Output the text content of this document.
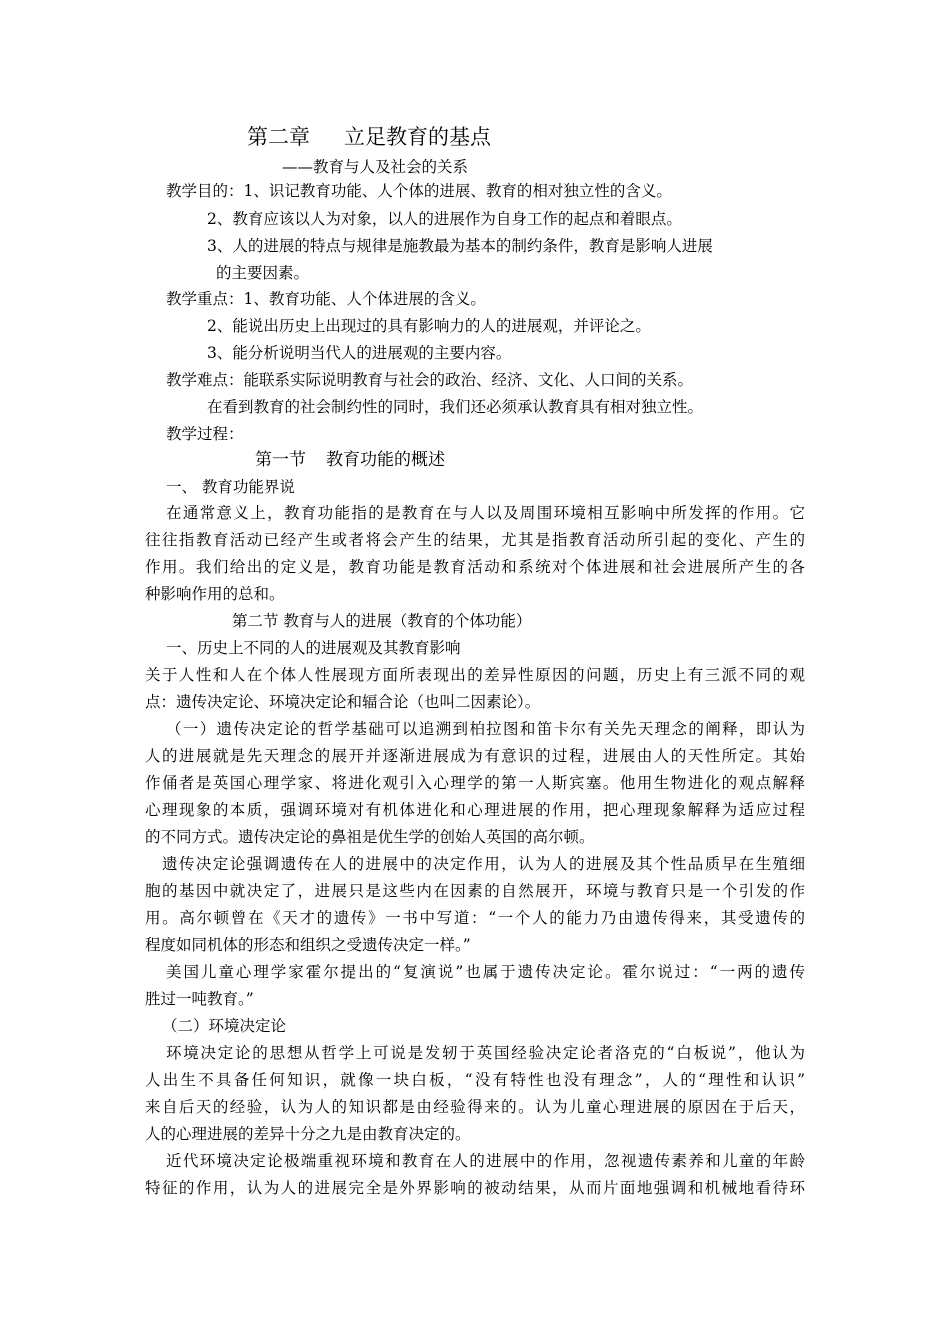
第二章 立足教育的基点
——教育与人及社会的关系
教学目的：1、识记教育功能、人个体的进展、教育的相对独立性的含义。
2、教育应该以人为对象，以人的进展作为自身工作的起点和着眼点。
3、人的进展的特点与规律是施教最为基本的制约条件，教育是影响人进展
的主要因素。
教学重点：1、教育功能、人个体进展的含义。
2、能说出历史上出现过的具有影响力的人的进展观，并评论之。
3、能分析说明当代人的进展观的主要内容。
教学难点：能联系实际说明教育与社会的政治、经济、文化、人口间的关系。
在看到教育的社会制约性的同时，我们还必须承认教育具有相对独立性。
教学过程：
第一节 教育功能的概述
一、 教育功能界说
在通常意义上，教育功能指的是教育在与人以及周围环境相互影响中所发挥的作用。它
往往指教育活动已经产生或者将会产生的结果，尤其是指教育活动所引起的变化、产生的
作用。我们给出的定义是，教育功能是教育活动和系统对个体进展和社会进展所产生的各
种影响作用的总和。
第二节 教育与人的进展（教育的个体功能）
一、历史上不同的人的进展观及其教育影响
关于人性和人在个体人性展现方面所表现出的差异性原因的问题，历史上有三派不同的观
点：遗传决定论、环境决定论和辐合论（也叫二因素论）。
（一）遗传决定论的哲学基础可以追溯到柏拉图和笛卡尔有关先天理念的阐释，即认为
人的进展就是先天理念的展开并逐渐进展成为有意识的过程，进展由人的天性所定。其始
作俑者是英国心理学家、将进化观引入心理学的第一人斯宾塞。他用生物进化的观点解释
心理现象的本质，强调环境对有机体进化和心理进展的作用，把心理现象解释为适应过程
的不同方式。遗传决定论的鼻祖是优生学的创始人英国的高尔顿。
遗传决定论强调遗传在人的进展中的决定作用，认为人的进展及其个性品质早在生殖细
胞的基因中就决定了，进展只是这些内在因素的自然展开，环境与教育只是一个引发的作
用。高尔顿曾在《天才的遗传》一书中写道：“一个人的能力乃由遗传得来，其受遗传的
程度如同机体的形态和组织之受遗传决定一样。”
美国儿童心理学家霍尔提出的“复演说”也属于遗传决定论。霍尔说过：“一两的遗传
胜过一吨教育。”
（二）环境决定论
环境决定论的思想从哲学上可说是发轫于英国经验决定论者洛克的“白板说”，他认为
人出生不具备任何知识，就像一块白板，“没有特性也没有理念”，人的“理性和认识”
来自后天的经验，认为人的知识都是由经验得来的。认为儿童心理进展的原因在于后天，
人的心理进展的差异十分之九是由教育决定的。
近代环境决定论极端重视环境和教育在人的进展中的作用，忽视遗传素养和儿童的年龄
特征的作用，认为人的进展完全是外界影响的被动结果，从而片面地强调和机械地看待环
